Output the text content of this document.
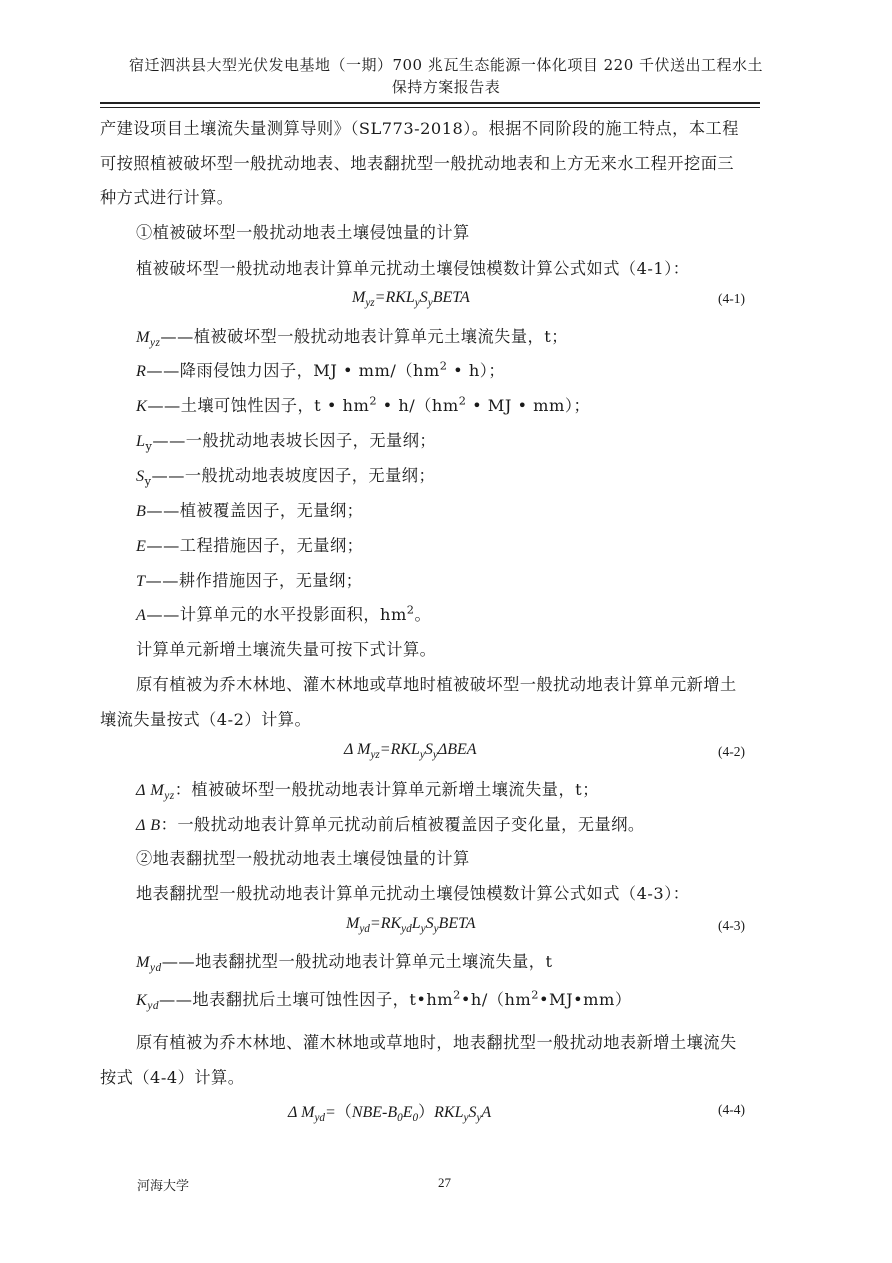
宿迁泗洪县大型光伏发电基地（一期）700 兆瓦生态能源一体化项目 220 千伏送出工程水土
保持方案报告表
产建设项目土壤流失量测算导则》（SL773-2018）。根据不同阶段的施工特点，本工程
可按照植被破坏型一般扰动地表、地表翻扰型一般扰动地表和上方无来水工程开挖面三
种方式进行计算。
①植被破坏型一般扰动地表土壤侵蚀量的计算
植被破坏型一般扰动地表计算单元扰动土壤侵蚀模数计算公式如式（4-1）：
$M_{yz}=RKL_yS_yBETA$	(4-1)
$M_{yz}——$植被破坏型一般扰动地表计算单元土壤流失量，t；
R——降雨侵蚀力因子，MJ • $mm/(hm^2$ • h）；
K——土壤可蚀性因子，t • $hm^2$ • $h/(hm^2$ • MJ • mm）；
$L_y——$一般扰动地表坡长因子，无量纲；
$S_y——$一般扰动地表坡度因子，无量纲；
B——植被覆盖因子，无量纲；
E——工程措施因子，无量纲；
T——耕作措施因子，无量纲；
A——计算单元的水平投影面积，$hm^2$。
计算单元新增土壤流失量可按下式计算。
原有植被为乔木林地、灌木林地或草地时植被破坏型一般扰动地表计算单元新增土
壤流失量按式（4-2）计算。
Δ $M_{yz}=RKL_yS_y\Delta BEA$	(4-2)
Δ $M_{yz}$：植被破坏型一般扰动地表计算单元新增土壤流失量，t；
Δ B：一般扰动地表计算单元扰动前后植被覆盖因子变化量，无量纲。
②地表翻扰型一般扰动地表土壤侵蚀量的计算
地表翻扰型一般扰动地表计算单元扰动土壤侵蚀模数计算公式如式（4-3）：
$M_{yd}=RK_{yd}L_yS_yBETA$	(4-3)
$M_{yd}——$地表翻扰型一般扰动地表计算单元土壤流失量，t
$K_{yd}——$地表翻扰后土壤可蚀性因子，$t•hm^2•h/(hm^2•MJ•mm)$
原有植被为乔木林地、灌木林地或草地时，地表翻扰型一般扰动地表新增土壤流失
按式（4-4）计算。
Δ $M_{yd}=(NBE-B_0E_0)RKL_yS_yA$	(4-4)
河海大学	27
